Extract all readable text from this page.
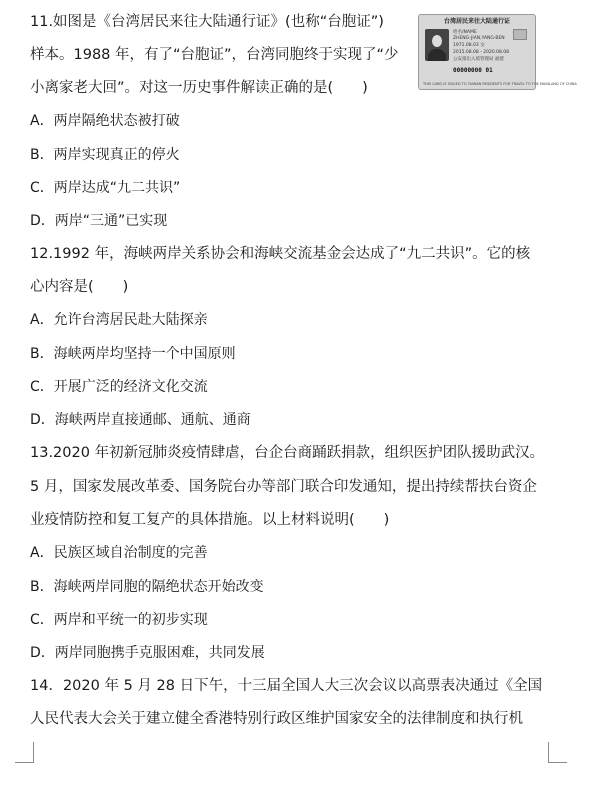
11.如图是《台湾居民来往大陆通行证》(也称“台胞证”)
样本。1988 年，有了“台胞证”，台湾同胞终于实现了“少
小离家老大回”。对这一历史事件解读正确的是(　　)
A．两岸隔绝状态被打破
B．两岸实现真正的停火
C．两岸达成“九二共识”
D．两岸“三通”已实现
台湾居民来往大陆通行证
姓名/NAME
ZHENG-JIAN,YANG-BEN
1971.08.03 女
2015.08.08 - 2020.08.08
公安部出入境管理局 福建
00000000 01
THIS CARD IS ISSUED TO TAIWAN RESIDENTS FOR TRAVEL TO THE MAINLAND OF CHINA
12.1992 年，海峡两岸关系协会和海峡交流基金会达成了“九二共识”。它的核
心内容是(　　)
A．允许台湾居民赴大陆探亲
B．海峡两岸均坚持一个中国原则
C．开展广泛的经济文化交流
D．海峡两岸直接通邮、通航、通商
13.2020 年初新冠肺炎疫情肆虐，台企台商踊跃捐款，组织医护团队援助武汉。
5 月，国家发展改革委、国务院台办等部门联合印发通知，提出持续帮扶台资企
业疫情防控和复工复产的具体措施。以上材料说明(　　)
A．民族区域自治制度的完善
B．海峡两岸同胞的隔绝状态开始改变
C．两岸和平统一的初步实现
D．两岸同胞携手克服困难，共同发展
14．2020 年 5 月 28 日下午，十三届全国人大三次会议以高票表决通过《全国
人民代表大会关于建立健全香港特别行政区维护国家安全的法律制度和执行机
